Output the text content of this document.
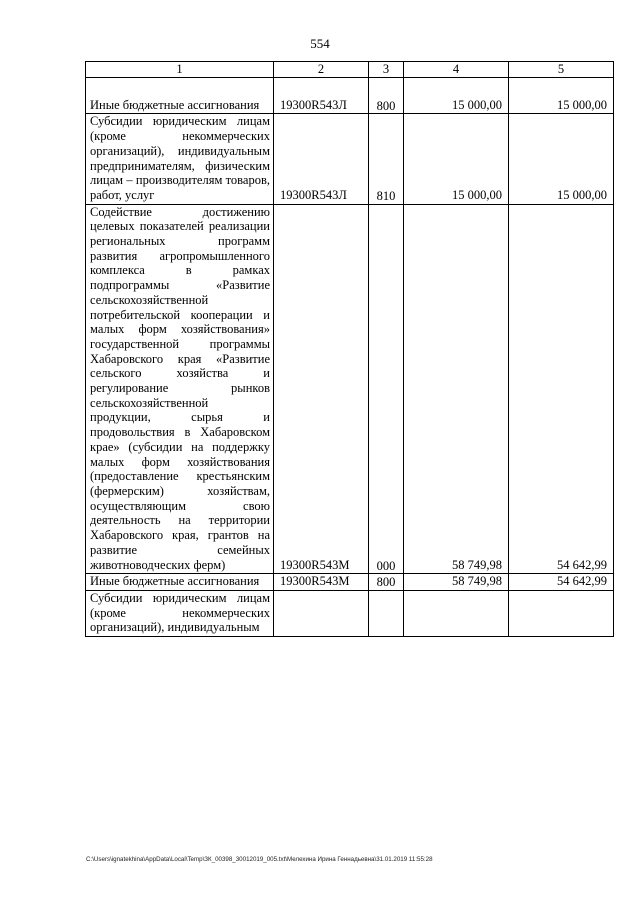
554
1	2	3	4	5
Иные бюджетные ассигнования	19300R543Л	800	15 000,00	15 000,00
Субсидии юридическим лицам (кроме некоммерческих организаций), индивидуальным предпринимателям, физическим лицам – производителям товаров, работ, услуг	19300R543Л	810	15 000,00	15 000,00
Содействие достижению целевых показателей реализации региональных программ развития агропромышленного комплекса в рамках подпрограммы «Развитие сельскохозяйственной потребительской кооперации и малых форм хозяйствования» государственной программы Хабаровского края «Развитие сельского хозяйства и регулирование рынков сельскохозяйственной продукции, сырья и продовольствия в Хабаровском крае» (субсидии на поддержку малых форм хозяйствования (предоставление крестьянским (фермерским) хозяйствам, осуществляющим свою деятельность на территории Хабаровского края, грантов на развитие семейных животноводческих ферм)	19300R543М	000	58 749,98	54 642,99
Иные бюджетные ассигнования	19300R543М	800	58 749,98	54 642,99
Субсидии юридическим лицам (кроме некоммерческих организаций), индивидуальным				
C:\Users\ignatekhina\AppData\Local\Temp\ЗК_00398_30012019_005.txt\Мелехина Ирина Геннадьевна\31.01.2019 11:55:28
